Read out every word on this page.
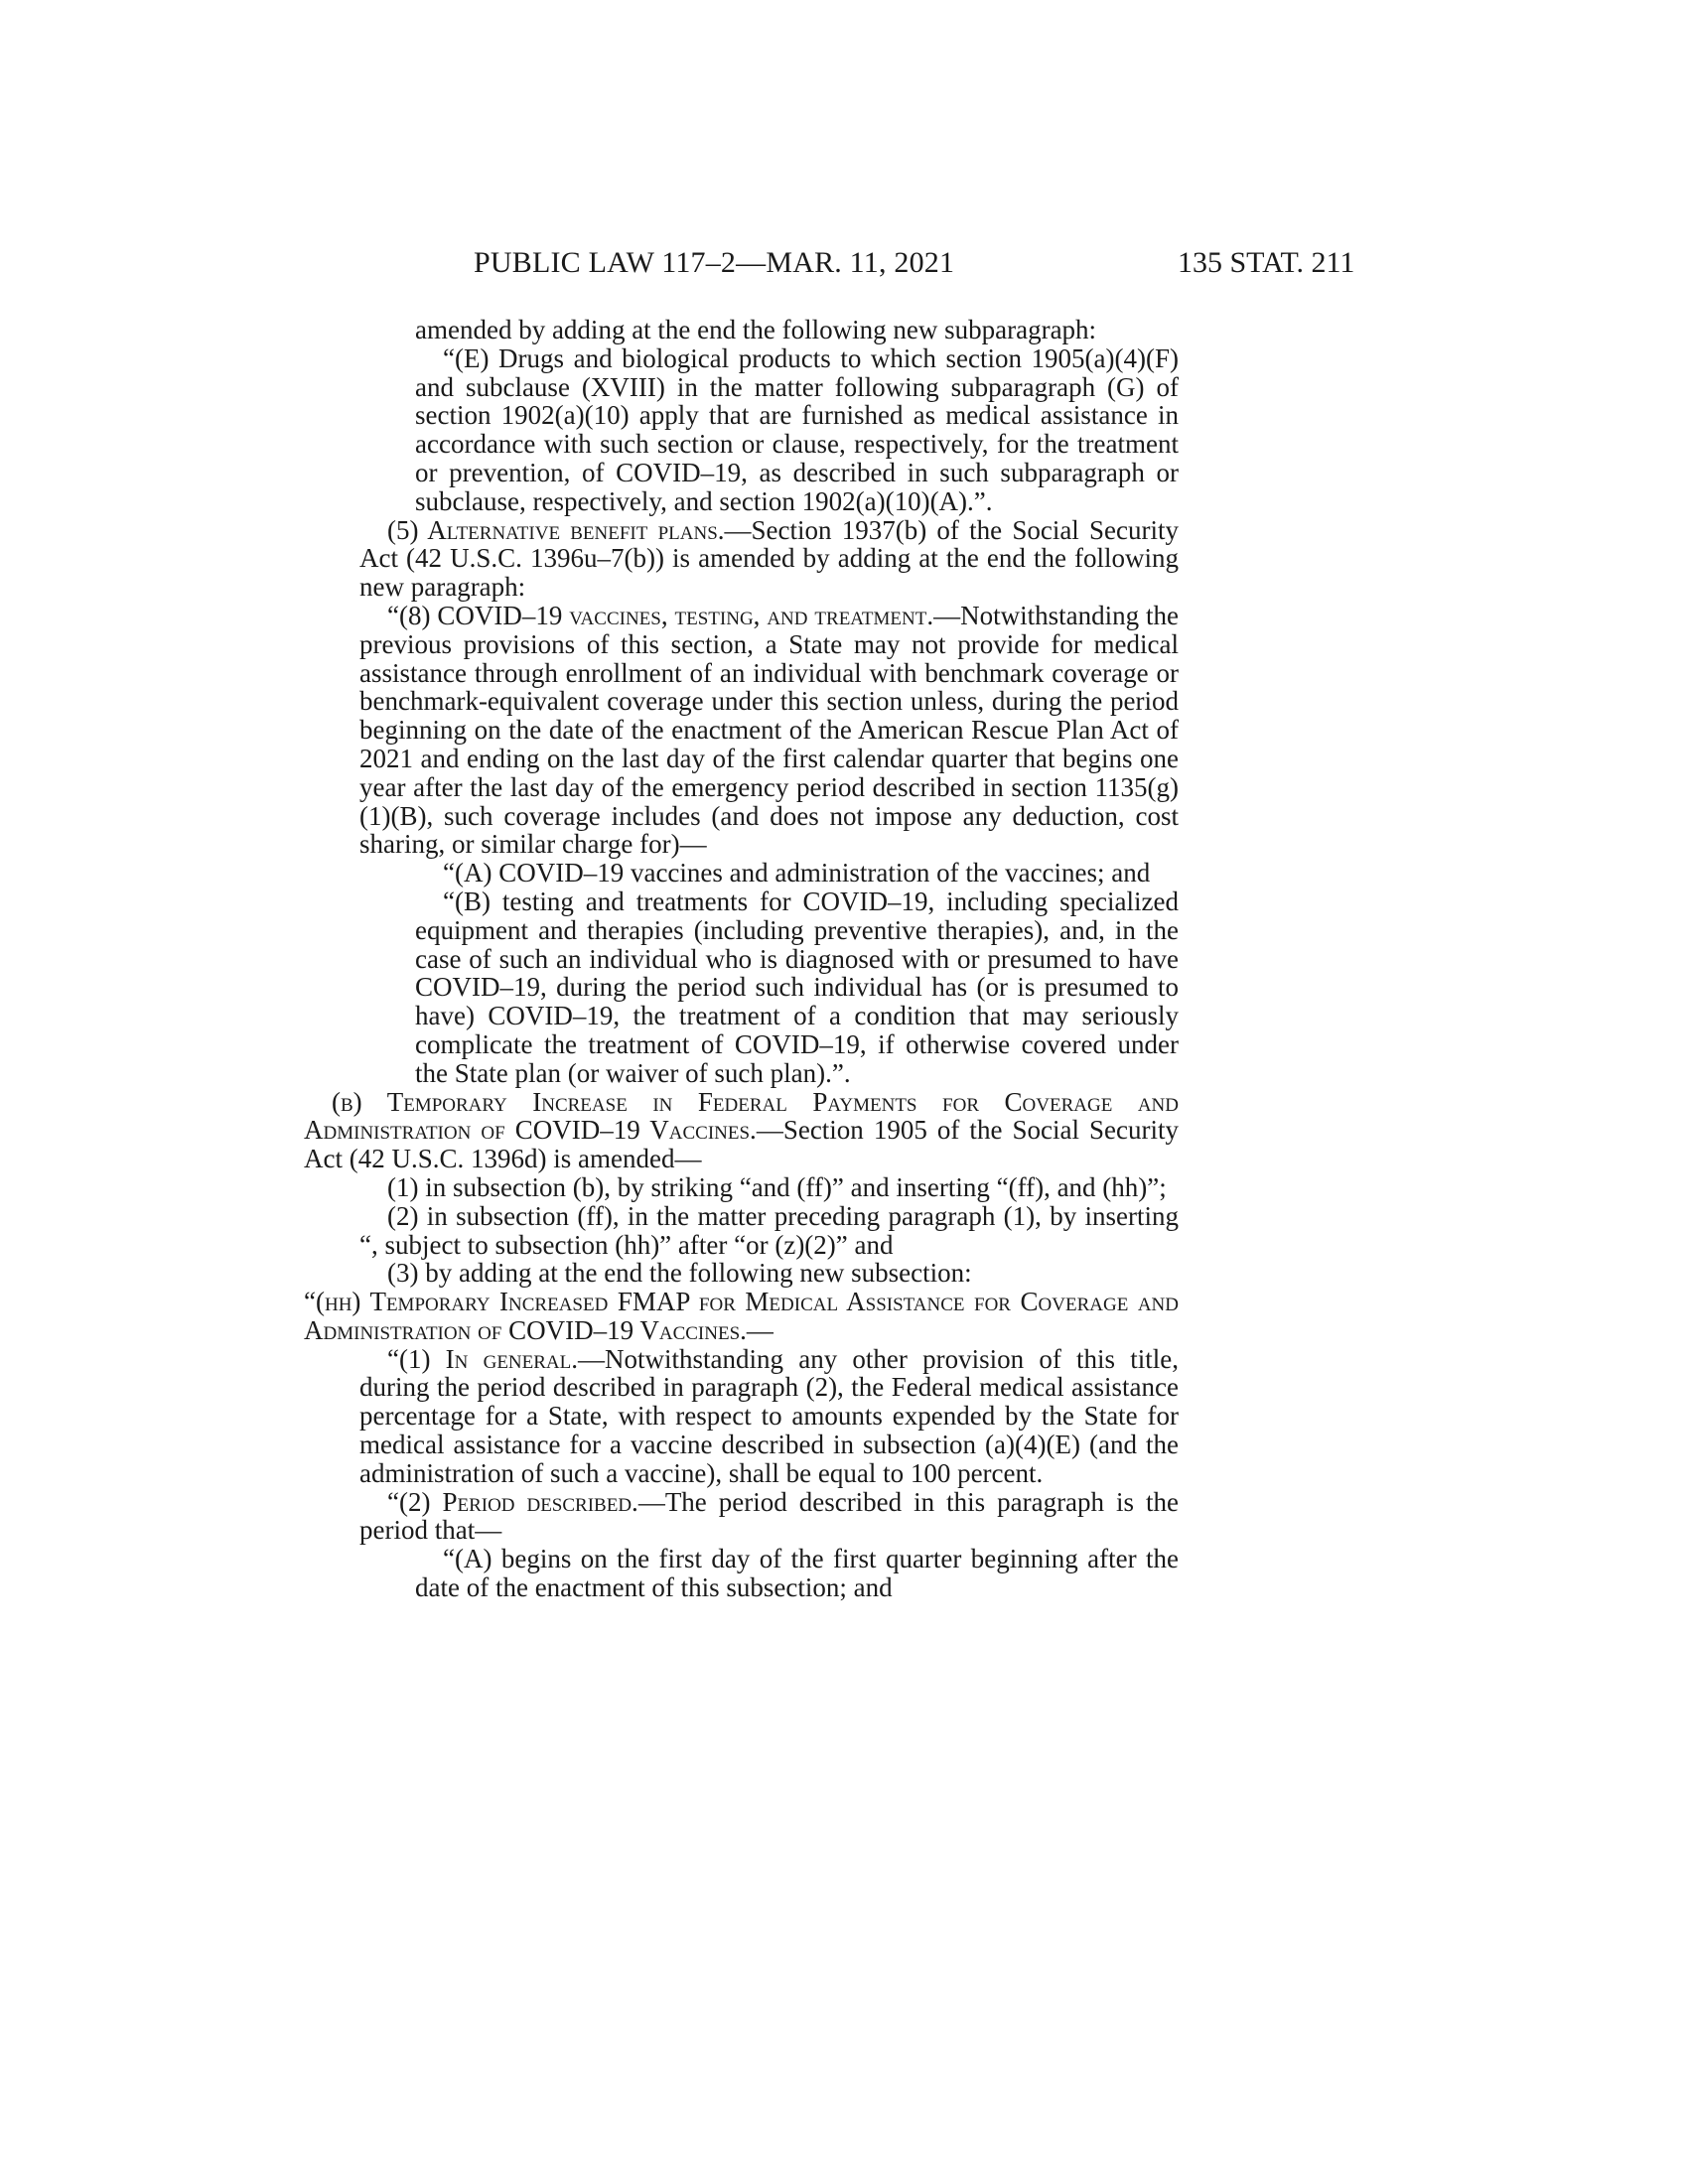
PUBLIC LAW 117–2—MAR. 11, 2021	135 STAT. 211

amended by adding at the end the following new subparagraph:

“(E) Drugs and biological products to which section 1905(a)(4)(F) and subclause (XVIII) in the matter following subparagraph (G) of section 1902(a)(10) apply that are furnished as medical assistance in accordance with such section or clause, respectively, for the treatment or prevention, of COVID–19, as described in such subparagraph or subclause, respectively, and section 1902(a)(10)(A).”.

(5) Alternative benefit plans.—Section 1937(b) of the Social Security Act (42 U.S.C. 1396u–7(b)) is amended by adding at the end the following new paragraph:

“(8) COVID–19 vaccines, testing, and treatment.—Notwithstanding the previous provisions of this section, a State may not provide for medical assistance through enrollment of an individual with benchmark coverage or benchmark-equivalent coverage under this section unless, during the period beginning on the date of the enactment of the American Rescue Plan Act of 2021 and ending on the last day of the first calendar quarter that begins one year after the last day of the emergency period described in section 1135(g)(1)(B), such coverage includes (and does not impose any deduction, cost sharing, or similar charge for)—

“(A) COVID–19 vaccines and administration of the vaccines; and

“(B) testing and treatments for COVID–19, including specialized equipment and therapies (including preventive therapies), and, in the case of such an individual who is diagnosed with or presumed to have COVID–19, during the period such individual has (or is presumed to have) COVID–19, the treatment of a condition that may seriously complicate the treatment of COVID–19, if otherwise covered under the State plan (or waiver of such plan).”.

(b) Temporary Increase in Federal Payments for Coverage and Administration of COVID–19 Vaccines.—Section 1905 of the Social Security Act (42 U.S.C. 1396d) is amended—

(1) in subsection (b), by striking “and (ff)” and inserting “(ff), and (hh)”;

(2) in subsection (ff), in the matter preceding paragraph (1), by inserting “, subject to subsection (hh)” after “or (z)(2)” and

(3) by adding at the end the following new subsection:

“(hh) Temporary Increased FMAP for Medical Assistance for Coverage and Administration of COVID–19 Vaccines.—

“(1) In general.—Notwithstanding any other provision of this title, during the period described in paragraph (2), the Federal medical assistance percentage for a State, with respect to amounts expended by the State for medical assistance for a vaccine described in subsection (a)(4)(E) (and the administration of such a vaccine), shall be equal to 100 percent.

“(2) Period described.—The period described in this paragraph is the period that—

“(A) begins on the first day of the first quarter beginning after the date of the enactment of this subsection; and
